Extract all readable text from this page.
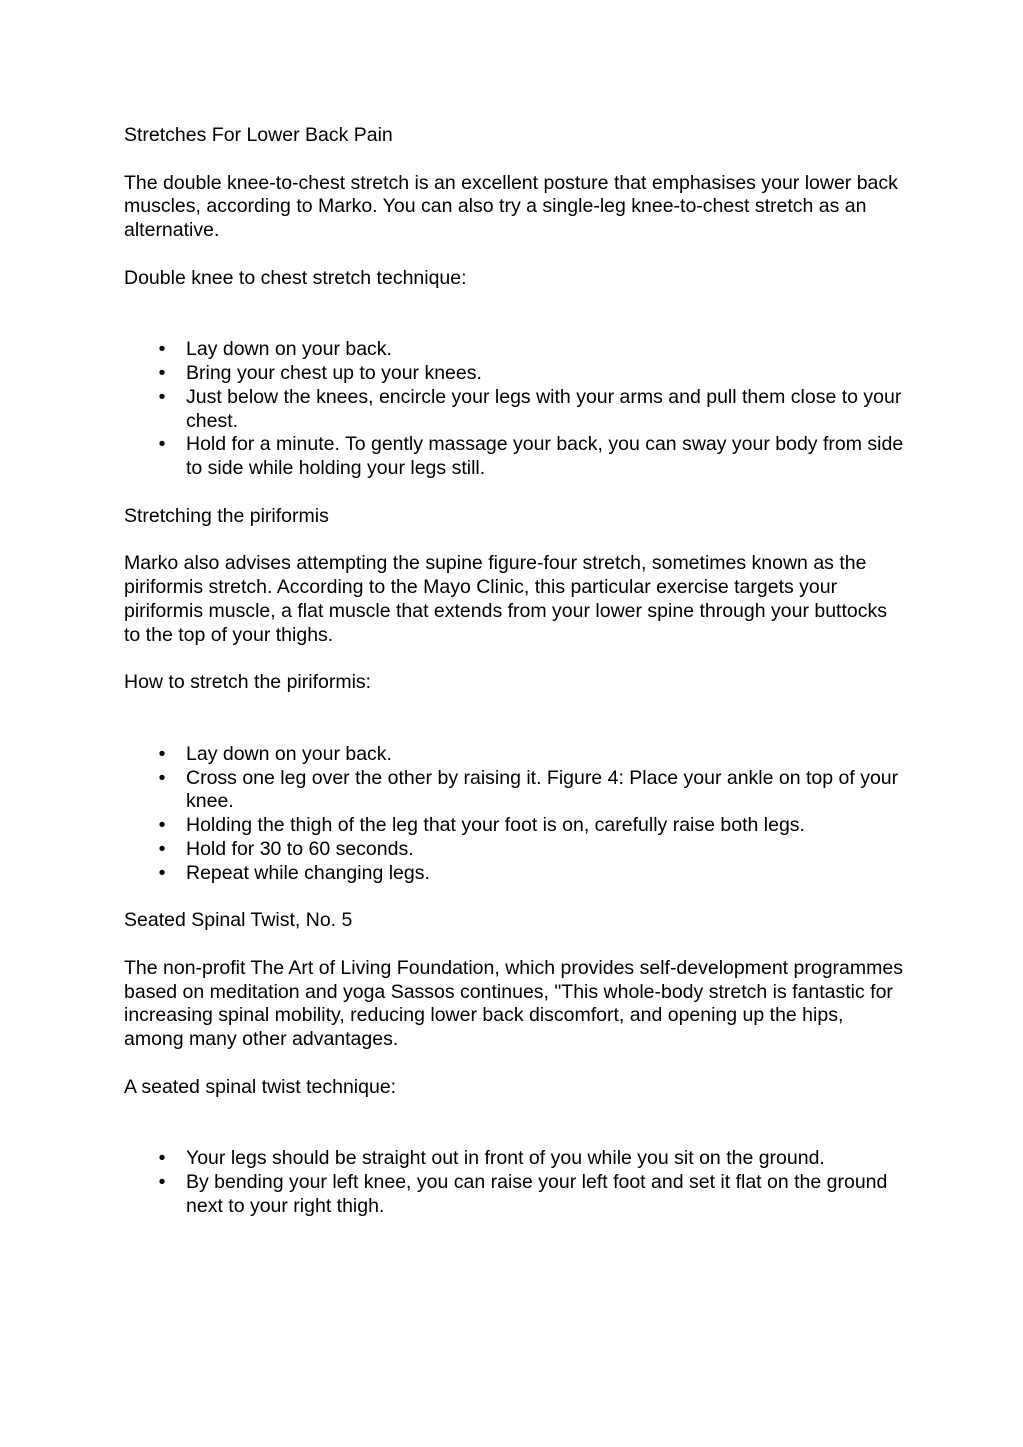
Stretches For Lower Back Pain

The double knee-to-chest stretch is an excellent posture that emphasises your lower back muscles, according to Marko. You can also try a single-leg knee-to-chest stretch as an alternative.

Double knee to chest stretch technique:

• Lay down on your back.
• Bring your chest up to your knees.
• Just below the knees, encircle your legs with your arms and pull them close to your chest.
• Hold for a minute. To gently massage your back, you can sway your body from side to side while holding your legs still.

Stretching the piriformis

Marko also advises attempting the supine figure-four stretch, sometimes known as the piriformis stretch. According to the Mayo Clinic, this particular exercise targets your piriformis muscle, a flat muscle that extends from your lower spine through your buttocks to the top of your thighs.

How to stretch the piriformis:

• Lay down on your back.
• Cross one leg over the other by raising it. Figure 4: Place your ankle on top of your knee.
• Holding the thigh of the leg that your foot is on, carefully raise both legs.
• Hold for 30 to 60 seconds.
• Repeat while changing legs.

Seated Spinal Twist, No. 5

The non-profit The Art of Living Foundation, which provides self-development programmes based on meditation and yoga Sassos continues, "This whole-body stretch is fantastic for increasing spinal mobility, reducing lower back discomfort, and opening up the hips, among many other advantages.

A seated spinal twist technique:

• Your legs should be straight out in front of you while you sit on the ground.
• By bending your left knee, you can raise your left foot and set it flat on the ground next to your right thigh.
